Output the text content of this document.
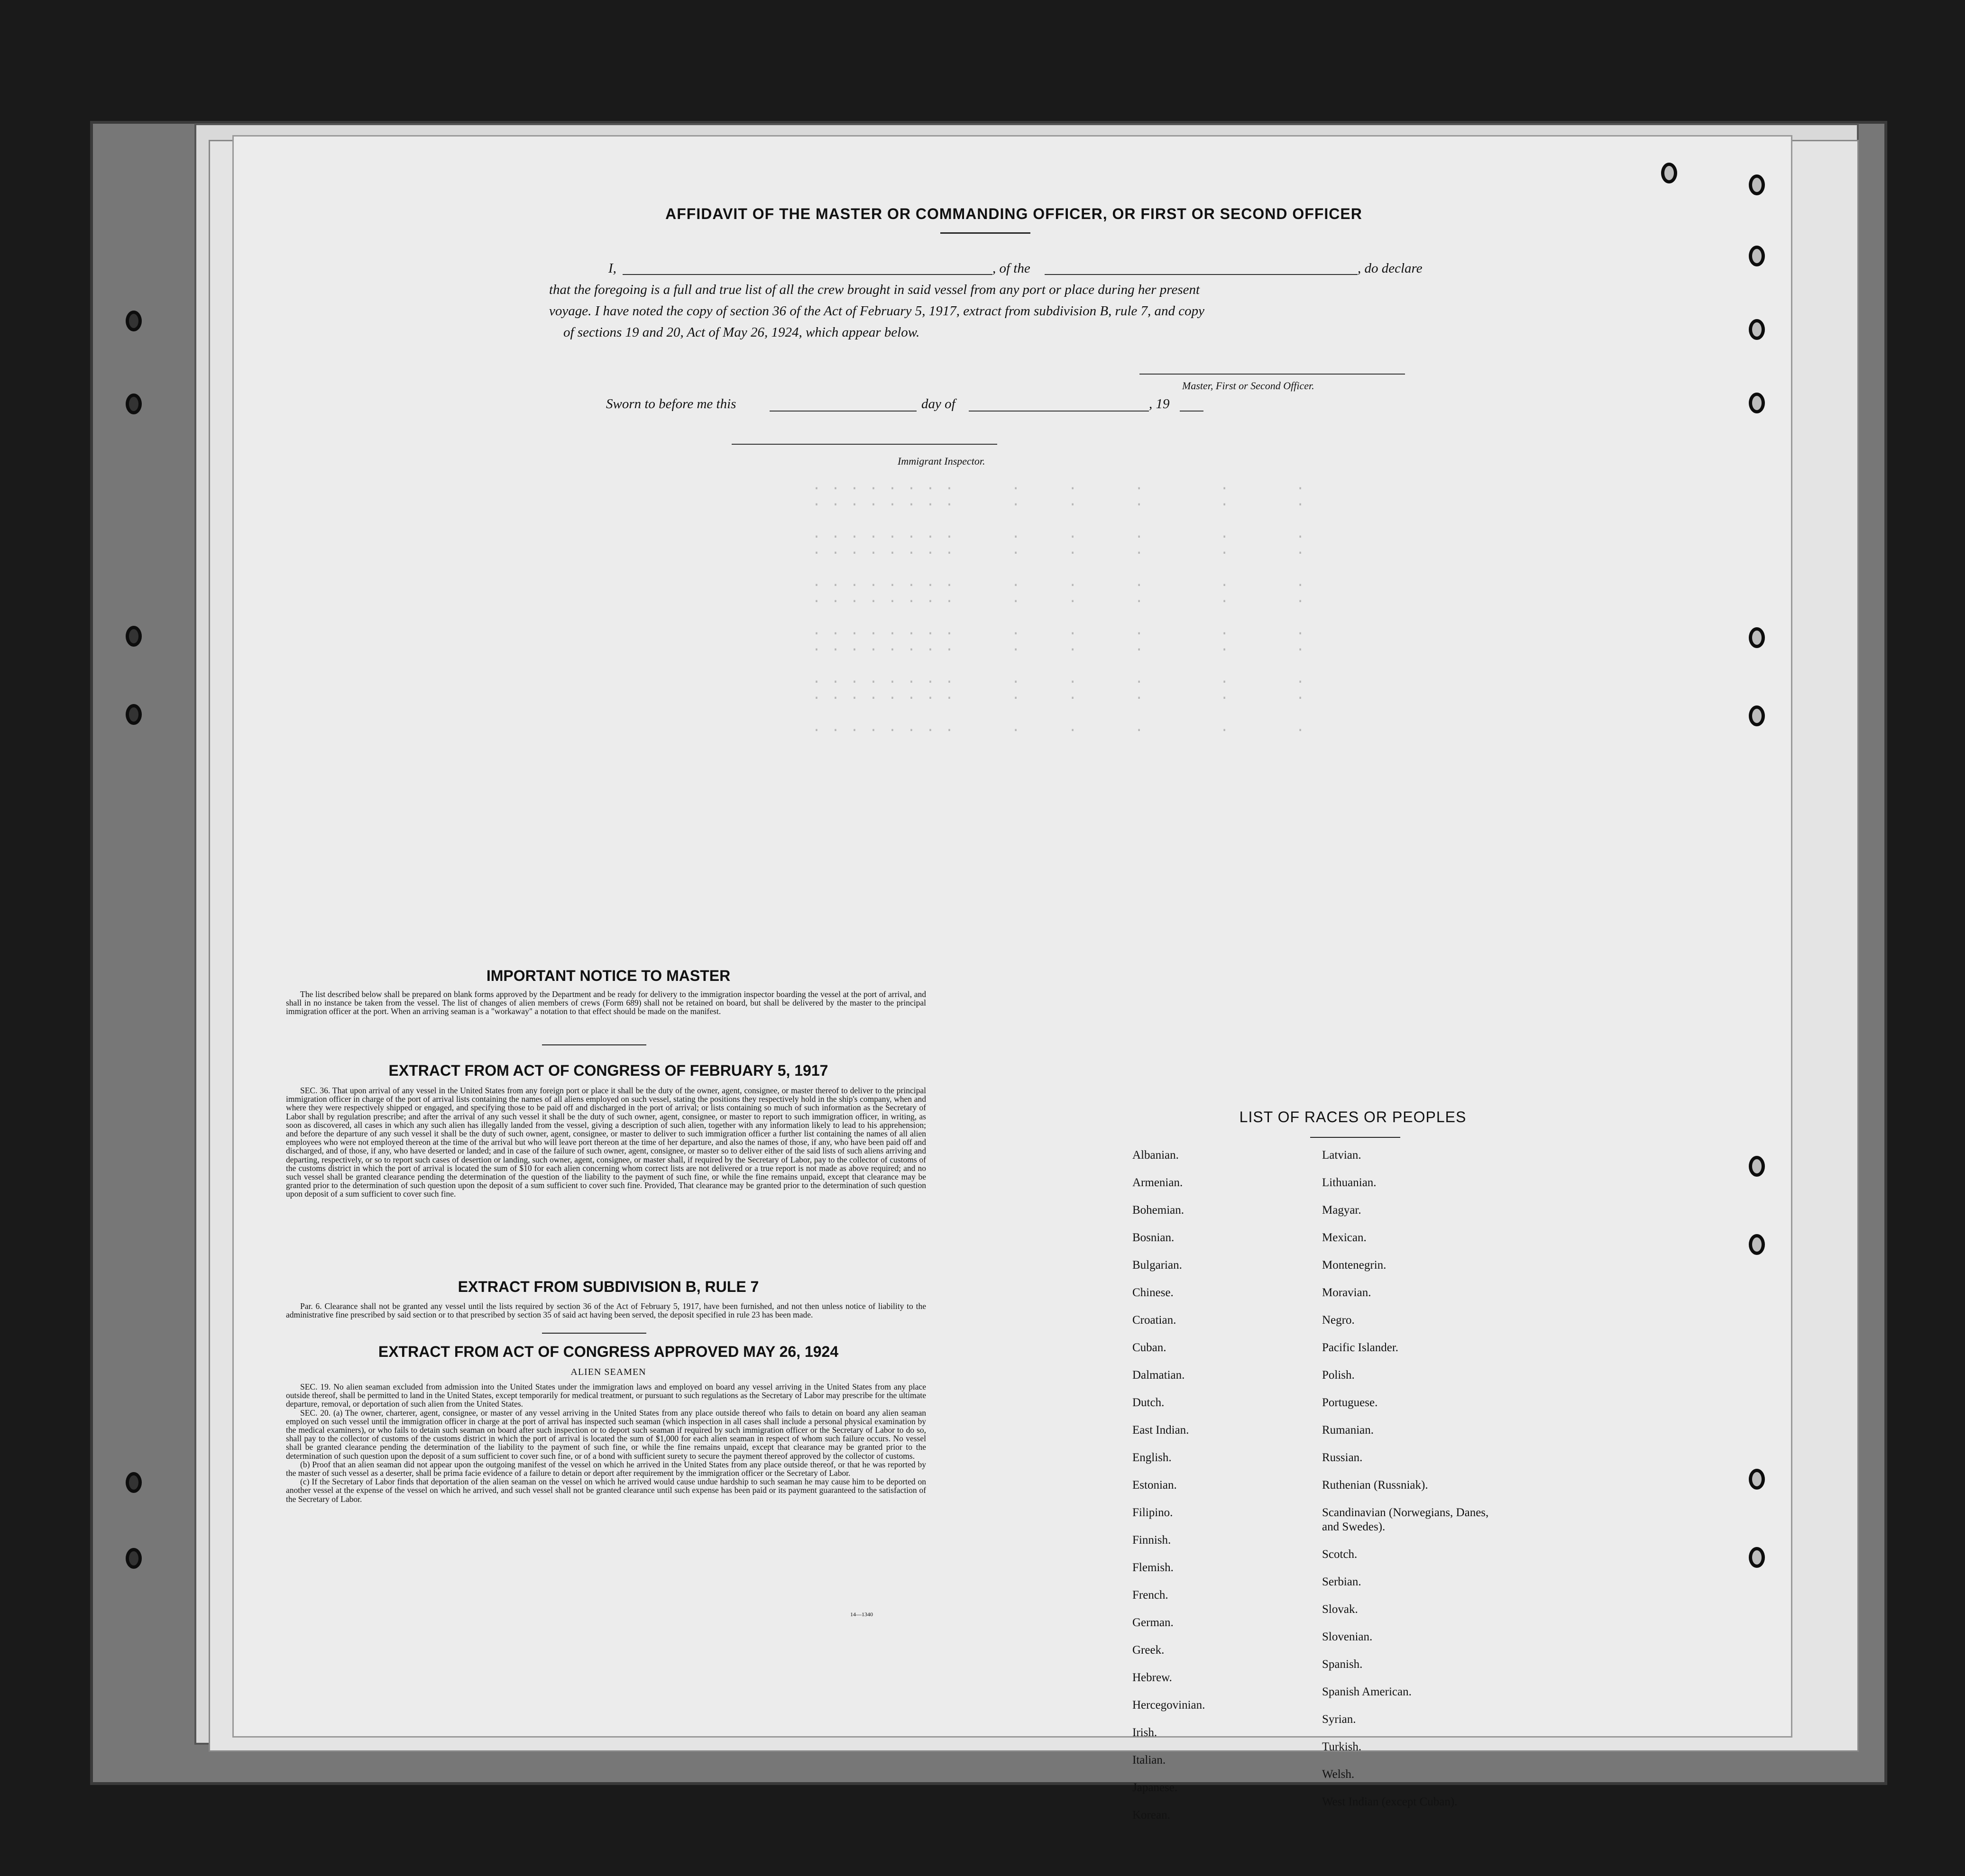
. . . . . . . .      .     .      .        .       .
. . . . . . . .      .     .      .        .       .

. . . . . . . .      .     .      .        .       .
. . . . . . . .      .     .      .        .       .

. . . . . . . .      .     .      .        .       .
. . . . . . . .      .     .      .        .       .

. . . . . . . .      .     .      .        .       .
. . . . . . . .      .     .      .        .       .

. . . . . . . .      .     .      .        .       .
. . . . . . . .      .     .      .        .       .

. . . . . . . .      .     .      .        .       .
AFFIDAVIT OF THE MASTER OR COMMANDING OFFICER, OR FIRST OR SECOND OFFICER
I,	, of the	, do declare
that the foregoing is a full and true list of all the crew brought in said vessel from any port or place during her present
voyage. I have noted the copy of section 36 of the Act of February 5, 1917, extract from subdivision B, rule 7, and copy
of sections 19 and 20, Act of May 26, 1924, which appear below.
Master, First or Second Officer.
Sworn to before me this	day of	, 19
Immigrant Inspector.
IMPORTANT NOTICE TO MASTER
The list described below shall be prepared on blank forms approved by the Department and be ready for delivery to the immigration inspector boarding the vessel at the port of arrival, and shall in no instance be taken from the vessel. The list of changes of alien members of crews (Form 689) shall not be retained on board, but shall be delivered by the master to the principal immigration officer at the port. When an arriving seaman is a "workaway" a notation to that effect should be made on the manifest.
EXTRACT FROM ACT OF CONGRESS OF FEBRUARY 5, 1917
SEC. 36. That upon arrival of any vessel in the United States from any foreign port or place it shall be the duty of the owner, agent, consignee, or master thereof to deliver to the principal immigration officer in charge of the port of arrival lists containing the names of all aliens employed on such vessel, stating the positions they respectively hold in the ship's company, when and where they were respectively shipped or engaged, and specifying those to be paid off and discharged in the port of arrival; or lists containing so much of such information as the Secretary of Labor shall by regulation prescribe; and after the arrival of any such vessel it shall be the duty of such owner, agent, consignee, or master to report to such immigration officer, in writing, as soon as discovered, all cases in which any such alien has illegally landed from the vessel, giving a description of such alien, together with any information likely to lead to his apprehension; and before the departure of any such vessel it shall be the duty of such owner, agent, consignee, or master to deliver to such immigration officer a further list containing the names of all alien employees who were not employed thereon at the time of the arrival but who will leave port thereon at the time of her departure, and also the names of those, if any, who have been paid off and discharged, and of those, if any, who have deserted or landed; and in case of the failure of such owner, agent, consignee, or master so to deliver either of the said lists of such aliens arriving and departing, respectively, or so to report such cases of desertion or landing, such owner, agent, consignee, or master shall, if required by the Secretary of Labor, pay to the collector of customs of the customs district in which the port of arrival is located the sum of $10 for each alien concerning whom correct lists are not delivered or a true report is not made as above required; and no such vessel shall be granted clearance pending the determination of the question of the liability to the payment of such fine, or while the fine remains unpaid, except that clearance may be granted prior to the determination of such question upon the deposit of a sum sufficient to cover such fine. Provided, That clearance may be granted prior to the determination of such question upon deposit of a sum sufficient to cover such fine.
EXTRACT FROM SUBDIVISION B, RULE 7
Par. 6. Clearance shall not be granted any vessel until the lists required by section 36 of the Act of February 5, 1917, have been furnished, and not then unless notice of liability to the administrative fine prescribed by said section or to that prescribed by section 35 of said act having been served, the deposit specified in rule 23 has been made.
EXTRACT FROM ACT OF CONGRESS APPROVED MAY 26, 1924
ALIEN SEAMEN

SEC. 19. No alien seaman excluded from admission into the United States under the immigration laws and employed on board any vessel arriving in the United States from any place outside thereof, shall be permitted to land in the United States, except temporarily for medical treatment, or pursuant to such regulations as the Secretary of Labor may prescribe for the ultimate departure, removal, or deportation of such alien from the United States.

SEC. 20. (a) The owner, charterer, agent, consignee, or master of any vessel arriving in the United States from any place outside thereof who fails to detain on board any alien seaman employed on such vessel until the immigration officer in charge at the port of arrival has inspected such seaman (which inspection in all cases shall include a personal physical examination by the medical examiners), or who fails to detain such seaman on board after such inspection or to deport such seaman if required by such immigration officer or the Secretary of Labor to do so, shall pay to the collector of customs of the customs district in which the port of arrival is located the sum of $1,000 for each alien seaman in respect of whom such failure occurs. No vessel shall be granted clearance pending the determination of the liability to the payment of such fine, or while the fine remains unpaid, except that clearance may be granted prior to the determination of such question upon the deposit of a sum sufficient to cover such fine, or of a bond with sufficient surety to secure the payment thereof approved by the collector of customs.

(b) Proof that an alien seaman did not appear upon the outgoing manifest of the vessel on which he arrived in the United States from any place outside thereof, or that he was reported by the master of such vessel as a deserter, shall be prima facie evidence of a failure to detain or deport after requirement by the immigration officer or the Secretary of Labor.

(c) If the Secretary of Labor finds that deportation of the alien seaman on the vessel on which he arrived would cause undue hardship to such seaman he may cause him to be deported on another vessel at the expense of the vessel on which he arrived, and such vessel shall not be granted clearance until such expense has been paid or its payment guaranteed to the satisfaction of the Secretary of Labor.

14—1340
LIST OF RACES OR PEOPLES
Albanian.
Armenian.
Bohemian.
Bosnian.
Bulgarian.
Chinese.
Croatian.
Cuban.
Dalmatian.
Dutch.
East Indian.
English.
Estonian.
Filipino.
Finnish.
Flemish.
French.
German.
Greek.
Hebrew.
Hercegovinian.
Irish.
Italian.
Japanese.
Korean.
Latvian.
Lithuanian.
Magyar.
Mexican.
Montenegrin.
Moravian.
Negro.
Pacific Islander.
Polish.
Portuguese.
Rumanian.
Russian.
Ruthenian (Russniak).
Scandinavian (Norwegians, Danes, and Swedes).
Scotch.
Serbian.
Slovak.
Slovenian.
Spanish.
Spanish American.
Syrian.
Turkish.
Welsh.
West Indian (except Cuban).
